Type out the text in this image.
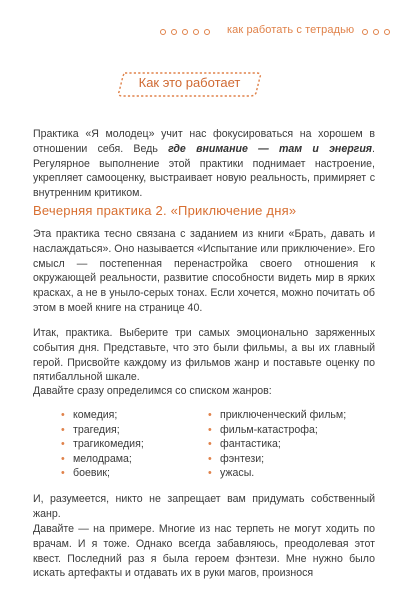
как работать с тетрадью
Как это работает

Практика «Я молодец» учит нас фокусироваться на хорошем в отношении себя. Ведь где внимание — там и энергия. Регулярное выполнение этой практики поднимает настроение, укрепляет самооценку, выстраивает новую реальность, примиряет с внутренним критиком.

Вечерняя практика 2. «Приключение дня»

Эта практика тесно связана с заданием из книги «Брать, давать и наслаждаться». Оно называется «Испытание или приключение». Его смысл — постепенная перенастройка своего отношения к окружающей реальности, развитие способности видеть мир в ярких красках, а не в уныло-серых тонах. Если хочется, можно почитать об этом в моей книге на странице 40.

Итак, практика. Выберите три самых эмоционально заряженных события дня. Представьте, что это были фильмы, а вы их главный герой. Присвойте каждому из фильмов жанр и поставьте оценку по пятибалльной шкале.

Давайте сразу определимся со списком жанров:

• комедия;
• трагедия;
• трагикомедия;
• мелодрама;
• боевик;
• приключенческий фильм;
• фильм-катастрофа;
• фантастика;
• фэнтези;
• ужасы.

И, разумеется, никто не запрещает вам придумать собственный жанр.

Давайте — на примере. Многие из нас терпеть не могут ходить по врачам. И я тоже. Однако всегда забавляюсь, преодолевая этот квест. Последний раз я была героем фэнтези. Мне нужно было искать артефакты и отдавать их в руки магов, произнося
